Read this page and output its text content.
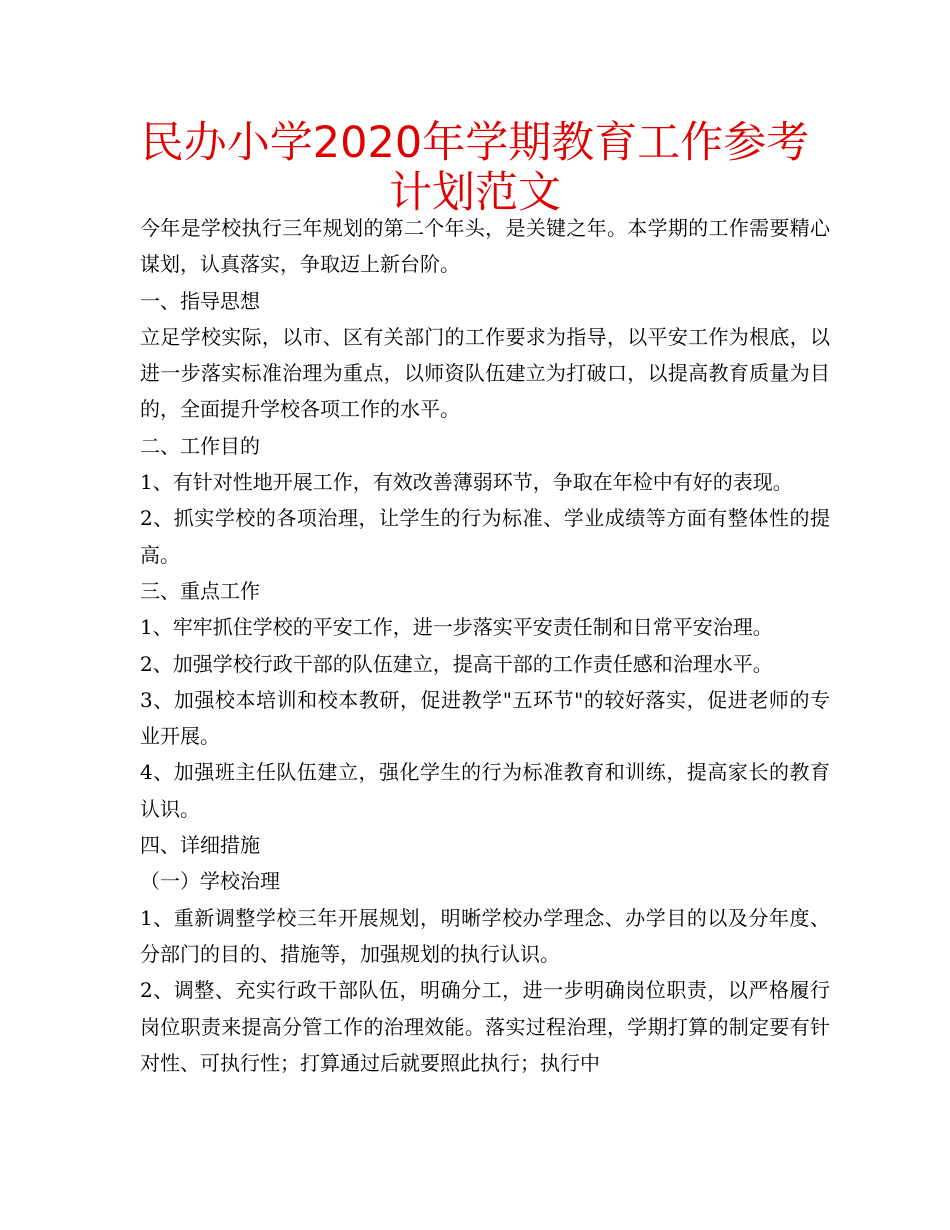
民办小学2020年学期教育工作参考计划范文

今年是学校执行三年规划的第二个年头，是关键之年。本学期的工作需要精心谋划，认真落实，争取迈上新台阶。

一、指导思想

立足学校实际，以市、区有关部门的工作要求为指导，以平安工作为根底，以进一步落实标准治理为重点，以师资队伍建立为打破口，以提高教育质量为目的，全面提升学校各项工作的水平。

二、工作目的

1、有针对性地开展工作，有效改善薄弱环节，争取在年检中有好的表现。

2、抓实学校的各项治理，让学生的行为标准、学业成绩等方面有整体性的提高。

三、重点工作

1、牢牢抓住学校的平安工作，进一步落实平安责任制和日常平安治理。

2、加强学校行政干部的队伍建立，提高干部的工作责任感和治理水平。

3、加强校本培训和校本教研，促进教学"五环节"的较好落实，促进老师的专业开展。

4、加强班主任队伍建立，强化学生的行为标准教育和训练，提高家长的教育认识。

四、详细措施

（一）学校治理

1、重新调整学校三年开展规划，明晰学校办学理念、办学目的以及分年度、分部门的目的、措施等，加强规划的执行认识。

2、调整、充实行政干部队伍，明确分工，进一步明确岗位职责，以严格履行岗位职责来提高分管工作的治理效能。落实过程治理，学期打算的制定要有针对性、可执行性；打算通过后就要照此执行；执行中
